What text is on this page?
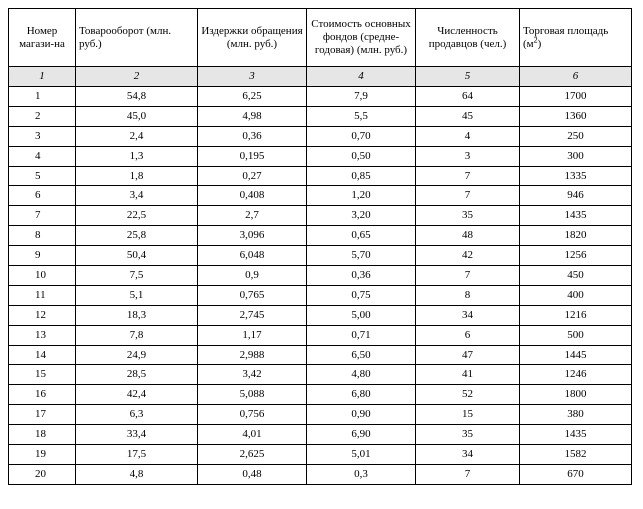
Номер магази-на	Товарооборот (млн. руб.)	Издержки обращения (млн. руб.)	Стоимость основных фондов (средне-годовая) (млн. руб.)	Численность продавцов (чел.)	Торговая площадь $(м^2)$
1	2	3	4	5	6
1	54,8	6,25	7,9	64	1700
2	45,0	4,98	5,5	45	1360
3	2,4	0,36	0,70	4	250
4	1,3	0,195	0,50	3	300
5	1,8	0,27	0,85	7	1335
6	3,4	0,408	1,20	7	946
7	22,5	2,7	3,20	35	1435
8	25,8	3,096	0,65	48	1820
9	50,4	6,048	5,70	42	1256
10	7,5	0,9	0,36	7	450
11	5,1	0,765	0,75	8	400
12	18,3	2,745	5,00	34	1216
13	7,8	1,17	0,71	6	500
14	24,9	2,988	6,50	47	1445
15	28,5	3,42	4,80	41	1246
16	42,4	5,088	6,80	52	1800
17	6,3	0,756	0,90	15	380
18	33,4	4,01	6,90	35	1435
19	17,5	2,625	5,01	34	1582
20	4,8	0,48	0,3	7	670
